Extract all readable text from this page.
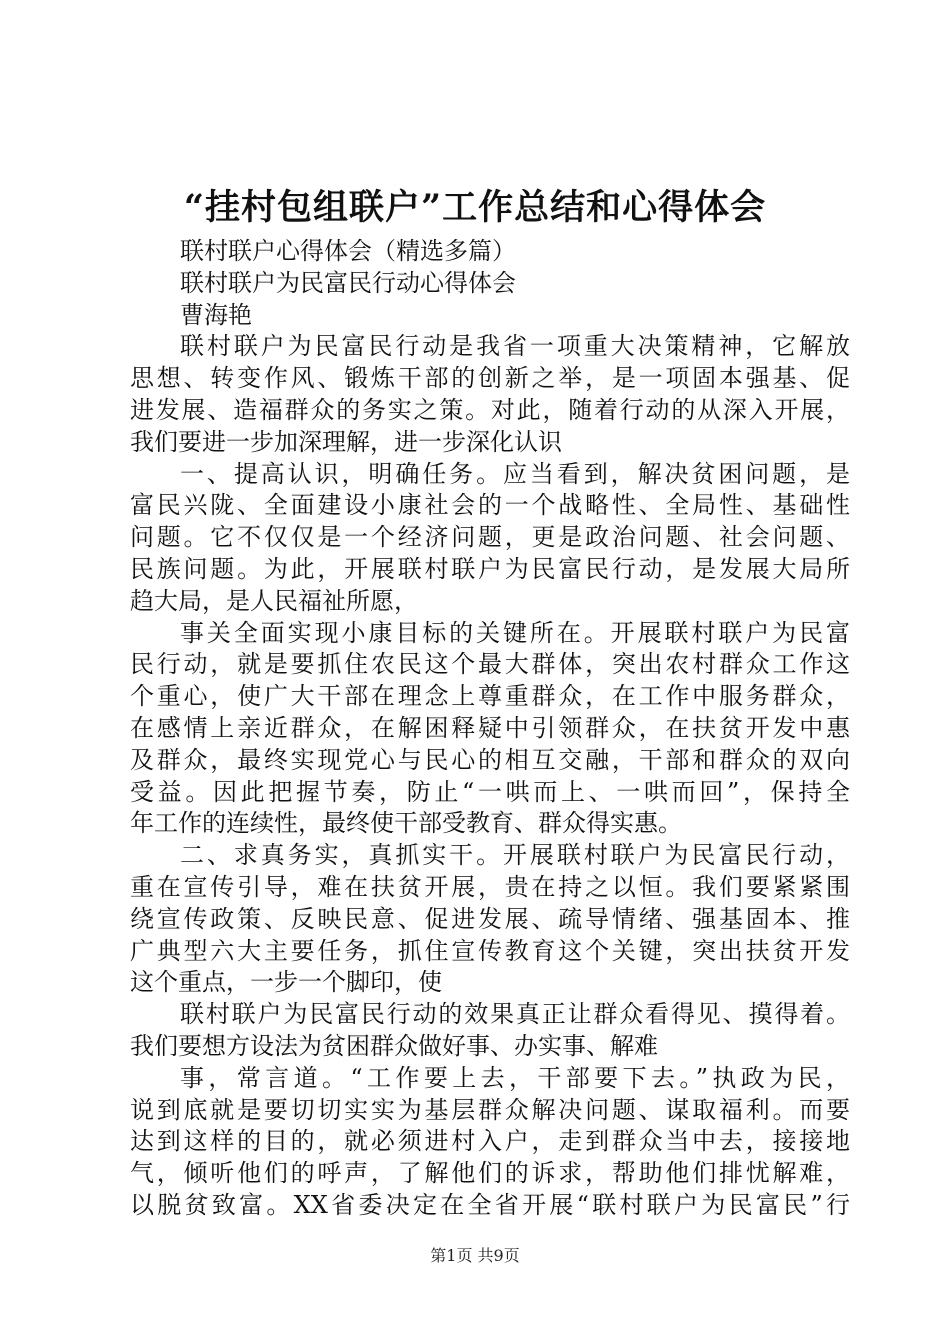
“挂村包组联户”工作总结和心得体会

联村联户心得体会（精选多篇）

联村联户为民富民行动心得体会

曹海艳

联村联户为民富民行动是我省一项重大决策精神，它解放

思想、转变作风、锻炼干部的创新之举，是一项固本强基、促

进发展、造福群众的务实之策。对此，随着行动的从深入开展，

我们要进一步加深理解，进一步深化认识

一、提高认识，明确任务。应当看到，解决贫困问题，是

富民兴陇、全面建设小康社会的一个战略性、全局性、基础性

问题。它不仅仅是一个经济问题，更是政治问题、社会问题、

民族问题。为此，开展联村联户为民富民行动，是发展大局所

趋大局，是人民福祉所愿，

事关全面实现小康目标的关键所在。开展联村联户为民富

民行动，就是要抓住农民这个最大群体，突出农村群众工作这

个重心，使广大干部在理念上尊重群众，在工作中服务群众，

在感情上亲近群众，在解困释疑中引领群众，在扶贫开发中惠

及群众，最终实现党心与民心的相互交融，干部和群众的双向

受益。因此把握节奏，防止“一哄而上、一哄而回”，保持全

年工作的连续性，最终使干部受教育、群众得实惠。

二、求真务实，真抓实干。开展联村联户为民富民行动，

重在宣传引导，难在扶贫开展，贵在持之以恒。我们要紧紧围

绕宣传政策、反映民意、促进发展、疏导情绪、强基固本、推

广典型六大主要任务，抓住宣传教育这个关键，突出扶贫开发

这个重点，一步一个脚印，使

联村联户为民富民行动的效果真正让群众看得见、摸得着。

我们要想方设法为贫困群众做好事、办实事、解难

事，常言道。“工作要上去，干部要下去。”执政为民，

说到底就是要切切实实为基层群众解决问题、谋取福利。而要

达到这样的目的，就必须进村入户，走到群众当中去，接接地

气，倾听他们的呼声，了解他们的诉求，帮助他们排忧解难，

以脱贫致富。XX省委决定在全省开展“联村联户为民富民”行

第1页 共9页
